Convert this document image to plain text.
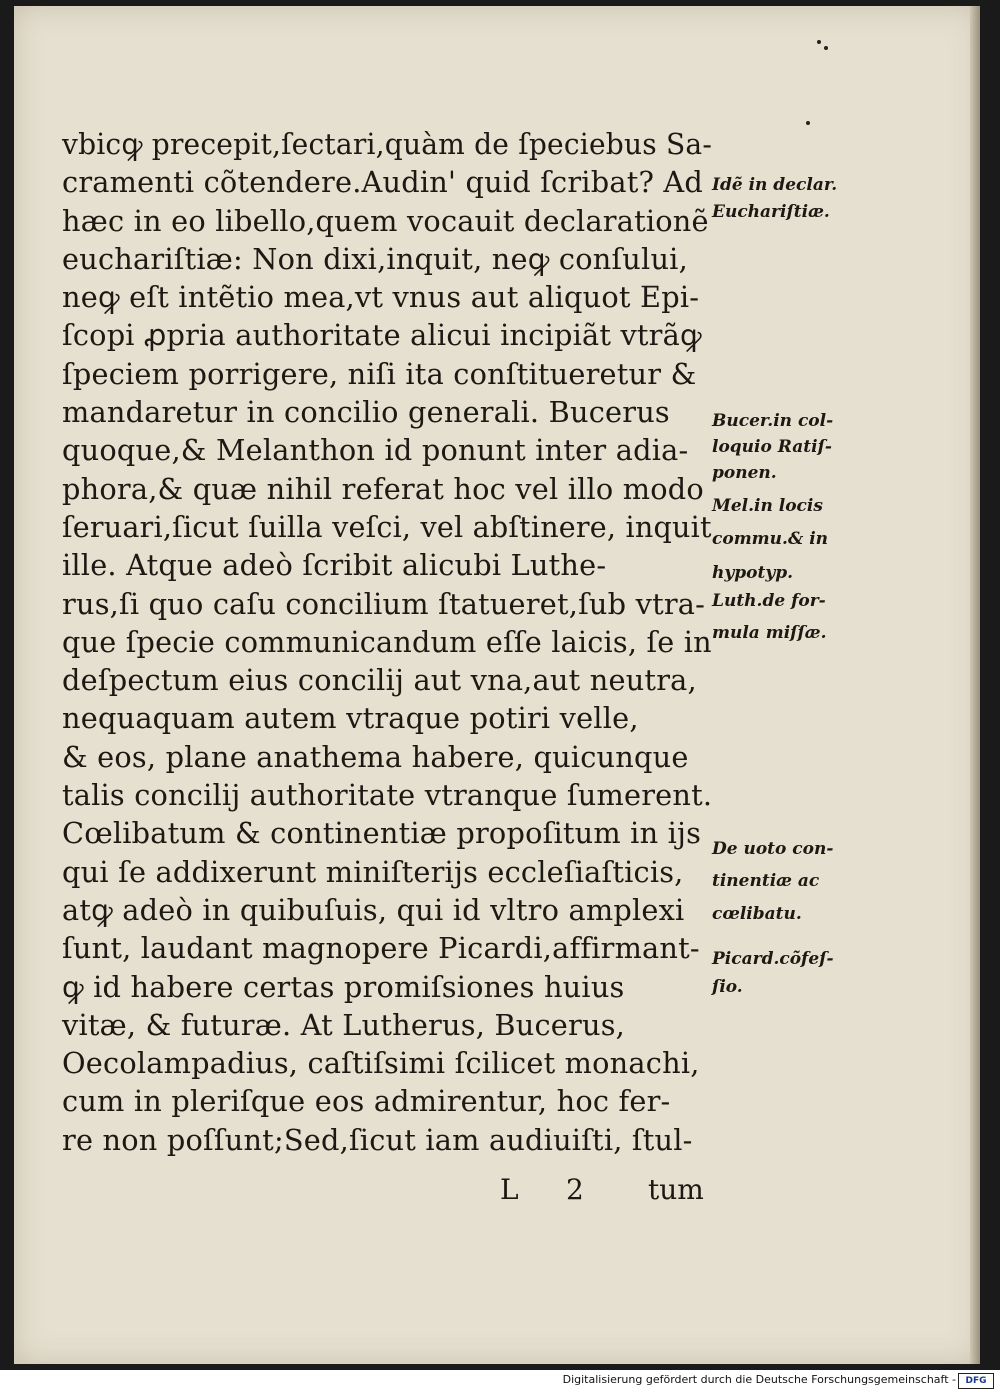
vbicꝙ precepit,ſectari,quàm de ſpeciebus Sa-
cramenti cõtendere.Audin' quid ſcribat? Ad
hæc in eo libello,quem vocauit declarationẽ
euchariſtiæ: Non dixi,inquit, neꝙ conſului,
neꝙ eſt intẽtio mea,vt vnus aut aliquot Epi-
ſcopi ꝓpria authoritate alicui incipiãt vtrãꝙ
ſpeciem porrigere, niſi ita conſtitueretur &
mandaretur in concilio generali. Bucerus
quoque,& Melanthon id ponunt inter adia-
phora,& quæ nihil referat hoc vel illo modo
ſeruari,ſicut ſuilla veſci, vel abſtinere, inquit
ille. Atque adeò ſcribit alicubi Luthe-
rus,ſi quo caſu concilium ſtatueret,ſub vtra-
que ſpecie communicandum eſſe laicis, ſe in
deſpectum eius concilij aut vna,aut neutra,
nequaquam autem vtraque potiri velle,
& eos, plane anathema habere, quicunque
talis concilij authoritate vtranque ſumerent.
Cœlibatum & continentiæ propoſitum in ijs
qui ſe addixerunt miniſterijs eccleſiaſticis,
atꝙ adeò in quibuſuis, qui id vltro amplexi
ſunt, laudant magnopere Picardi,affirmant-
ꝙ id habere certas promiſsiones huius
vitæ, & futuræ. At Lutherus, Bucerus,
Oecolampadius, caſtiſsimi ſcilicet monachi,
cum in pleriſque eos admirentur, hoc fer-
re non poſſunt;Sed,ſicut iam audiuiſti, ſtul-
Idẽ in declar.
Euchariſtiæ.
Bucer.in col-
loquio Ratiſ-
ponen.
Mel.in locis
commu.& in
hypotyp.
Luth.de for-
mula miſſæ.
De uoto con-
tinentiæ ac
cœlibatu.
Picard.cõfeſ-
ſio.
L 2 tum
Digitalisierung gefördert durch die Deutsche Forschungsgemeinschaft -	DFG
